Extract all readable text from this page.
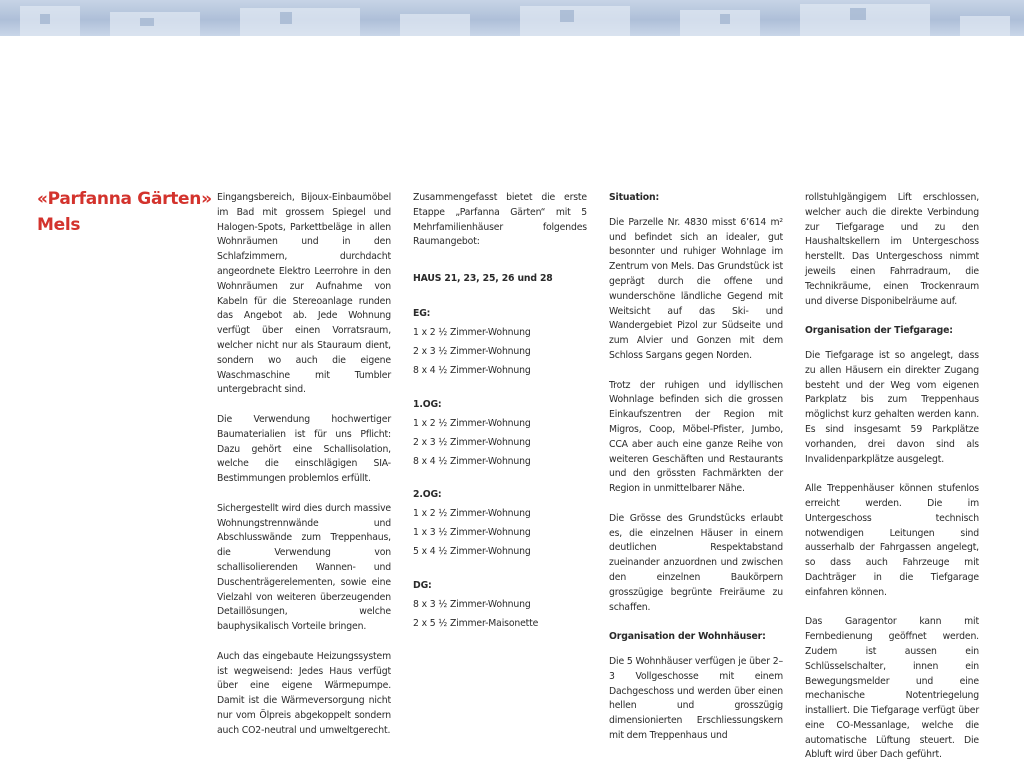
«Parfanna Gärten»
Mels

Eingangsbereich, Bijoux-Einbaumöbel im Bad mit grossem Spiegel und Halogen-Spots, Parkettbeläge in allen Wohnräumen und in den Schlafzimmern, durchdacht angeordnete Elektro Leerrohre in den Wohnräumen zur Aufnahme von Kabeln für die Stereoanlage runden das Angebot ab. Jede Wohnung verfügt über einen Vorratsraum, welcher nicht nur als Stauraum dient, sondern wo auch die eigene Waschmaschine mit Tumbler untergebracht sind.

Die Verwendung hochwertiger Baumaterialien ist für uns Pflicht: Dazu gehört eine Schallisolation, welche die einschlägigen SIA-Bestimmungen problemlos erfüllt.

Sichergestellt wird dies durch massive Wohnungstrennwände und Abschlusswände zum Treppenhaus, die Verwendung von schallisolierenden Wannen- und Duschenträgerelementen, sowie eine Vielzahl von weiteren überzeugenden Detaillösungen, welche bauphysikalisch Vorteile bringen.

Auch das eingebaute Heizungssystem ist wegweisend: Jedes Haus verfügt über eine eigene Wärmepumpe. Damit ist die Wärmeversorgung nicht nur vom Ölpreis abgekoppelt sondern auch CO2-neutral und umweltgerecht.

Zusammengefasst bietet die erste Etappe „Parfanna Gärten“ mit 5 Mehrfamilienhäuser folgendes Raumangebot:
HAUS 21, 23, 25, 26 und 28
EG:
1 x 2 ½ Zimmer-Wohnung
2 x 3 ½ Zimmer-Wohnung
8 x 4 ½ Zimmer-Wohnung
1.OG:
1 x 2 ½ Zimmer-Wohnung
2 x 3 ½ Zimmer-Wohnung
8 x 4 ½ Zimmer-Wohnung
2.OG:
1 x 2 ½ Zimmer-Wohnung
1 x 3 ½ Zimmer-Wohnung
5 x 4 ½ Zimmer-Wohnung
DG:
8 x 3 ½ Zimmer-Wohnung
2 x 5 ½ Zimmer-Maisonette
Situation:

Die Parzelle Nr. 4830 misst 6’614 m² und befindet sich an idealer, gut besonnter und ruhiger Wohnlage im Zentrum von Mels. Das Grundstück ist geprägt durch die offene und wunderschöne ländliche Gegend mit Weitsicht auf das Ski- und Wandergebiet Pizol zur Südseite und zum Alvier und Gonzen mit dem Schloss Sargans gegen Norden.

Trotz der ruhigen und idyllischen Wohnlage befinden sich die grossen Einkaufszentren der Region mit Migros, Coop, Möbel-Pfister, Jumbo, CCA aber auch eine ganze Reihe von weiteren Geschäften und Restaurants und den grössten Fachmärkten der Region in unmittelbarer Nähe.

Die Grösse des Grundstücks erlaubt es, die einzelnen Häuser in einem deutlichen Respektabstand zueinander anzuordnen und zwischen den einzelnen Baukörpern grosszügige begrünte Freiräume zu schaffen.

Organisation der Wohnhäuser:

Die 5 Wohnhäuser verfügen je über 2–3 Vollgeschosse mit einem Dachgeschoss und werden über einen hellen und grosszügig dimensionierten Erschliessungskern mit dem Treppenhaus und

rollstuhlgängigem Lift erschlossen, welcher auch die direkte Verbindung zur Tiefgarage und zu den Haushaltskellern im Untergeschoss herstellt. Das Untergeschoss nimmt jeweils einen Fahrradraum, die Technikräume, einen Trockenraum und diverse Disponibelräume auf.

Organisation der Tiefgarage:

Die Tiefgarage ist so angelegt, dass zu allen Häusern ein direkter Zugang besteht und der Weg vom eigenen Parkplatz bis zum Treppenhaus möglichst kurz gehalten werden kann. Es sind insgesamt 59 Parkplätze vorhanden, drei davon sind als Invalidenparkplätze ausgelegt.

Alle Treppenhäuser können stufenlos erreicht werden. Die im Untergeschoss technisch notwendigen Leitungen sind ausserhalb der Fahrgassen angelegt, so dass auch Fahrzeuge mit Dachträger in die Tiefgarage einfahren können.

Das Garagentor kann mit Fernbedienung geöffnet werden. Zudem ist aussen ein Schlüsselschalter, innen ein Bewegungsmelder und eine mechanische Notentriegelung installiert. Die Tiefgarage verfügt über eine CO-Messanlage, welche die automatische Lüftung steuert. Die Abluft wird über Dach geführt.
